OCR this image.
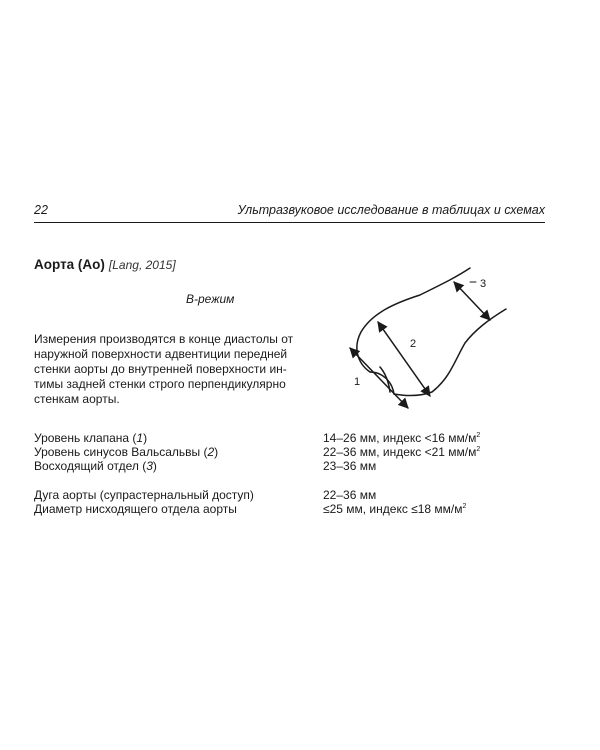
22	Ультразвуковое исследование в таблицах и схемах
Аорта (Ао) [Lang, 2015]
В-режим
Измерения производятся в конце диастолы от
наружной поверхности адвентиции передней
стенки аорты до внутренней поверхности ин-
тимы задней стенки строго перпендикулярно
стенкам аорты.
1
2
3
Уровень клапана (1)	14–26 мм, индекс <16 $мм/м^2$
Уровень синусов Вальсальвы (2)	22–36 мм, индекс <21 $мм/м^2$
Восходящий отдел (3)	23–36 мм
Дуга аорты (супрастернальный доступ)	22–36 мм
Диаметр нисходящего отдела аорты	≤25 мм, индекс ≤18 $мм/м^2$
